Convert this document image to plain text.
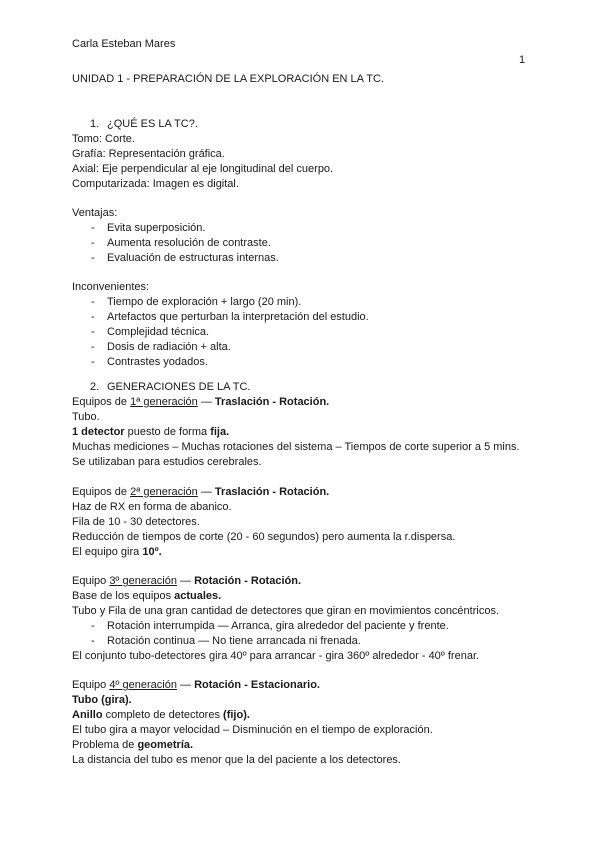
Carla Esteban Mares
1
UNIDAD 1 - PREPARACIÓN DE LA EXPLORACIÓN EN LA TC.
1. ¿QUÉ ES LA TC?.
Tomo: Corte.
Grafía: Representación gráfica.
Axial: Eje perpendicular al eje longitudinal del cuerpo.
Computarizada: Imagen es digital.
Ventajas:
- Evita superposición.
- Aumenta resolución de contraste.
- Evaluación de estructuras internas.
Inconvenientes:
- Tiempo de exploración + largo (20 min).
- Artefactos que perturban la interpretación del estudio.
- Complejidad técnica.
- Dosis de radiación + alta.
- Contrastes yodados.
2. GENERACIONES DE LA TC.
Equipos de 1ª generación — Traslación - Rotación.
Tubo.
1 detector puesto de forma fija.
Muchas mediciones – Muchas rotaciones del sistema – Tiempos de corte superior a 5 mins.
Se utilizaban para estudios cerebrales.
Equipos de 2ª generación — Traslación - Rotación.
Haz de RX en forma de abanico.
Fila de 10 - 30 detectores.
Reducción de tiempos de corte (20 - 60 segundos) pero aumenta la r.dispersa.
El equipo gira 10º.
Equipo 3º generación — Rotación - Rotación.
Base de los equipos actuales.
Tubo y Fila de una gran cantidad de detectores que giran en movimientos concéntricos.
- Rotación interrumpida — Arranca, gira alrededor del paciente y frente.
- Rotación continua — No tiene arrancada ni frenada.
El conjunto tubo-detectores gira 40º para arrancar - gira 360º alrededor - 40º frenar.
Equipo 4º generación — Rotación - Estacionario.
Tubo (gira).
Anillo completo de detectores (fijo).
El tubo gira a mayor velocidad – Disminución en el tiempo de exploración.
Problema de geometría.
La distancia del tubo es menor que la del paciente a los detectores.
